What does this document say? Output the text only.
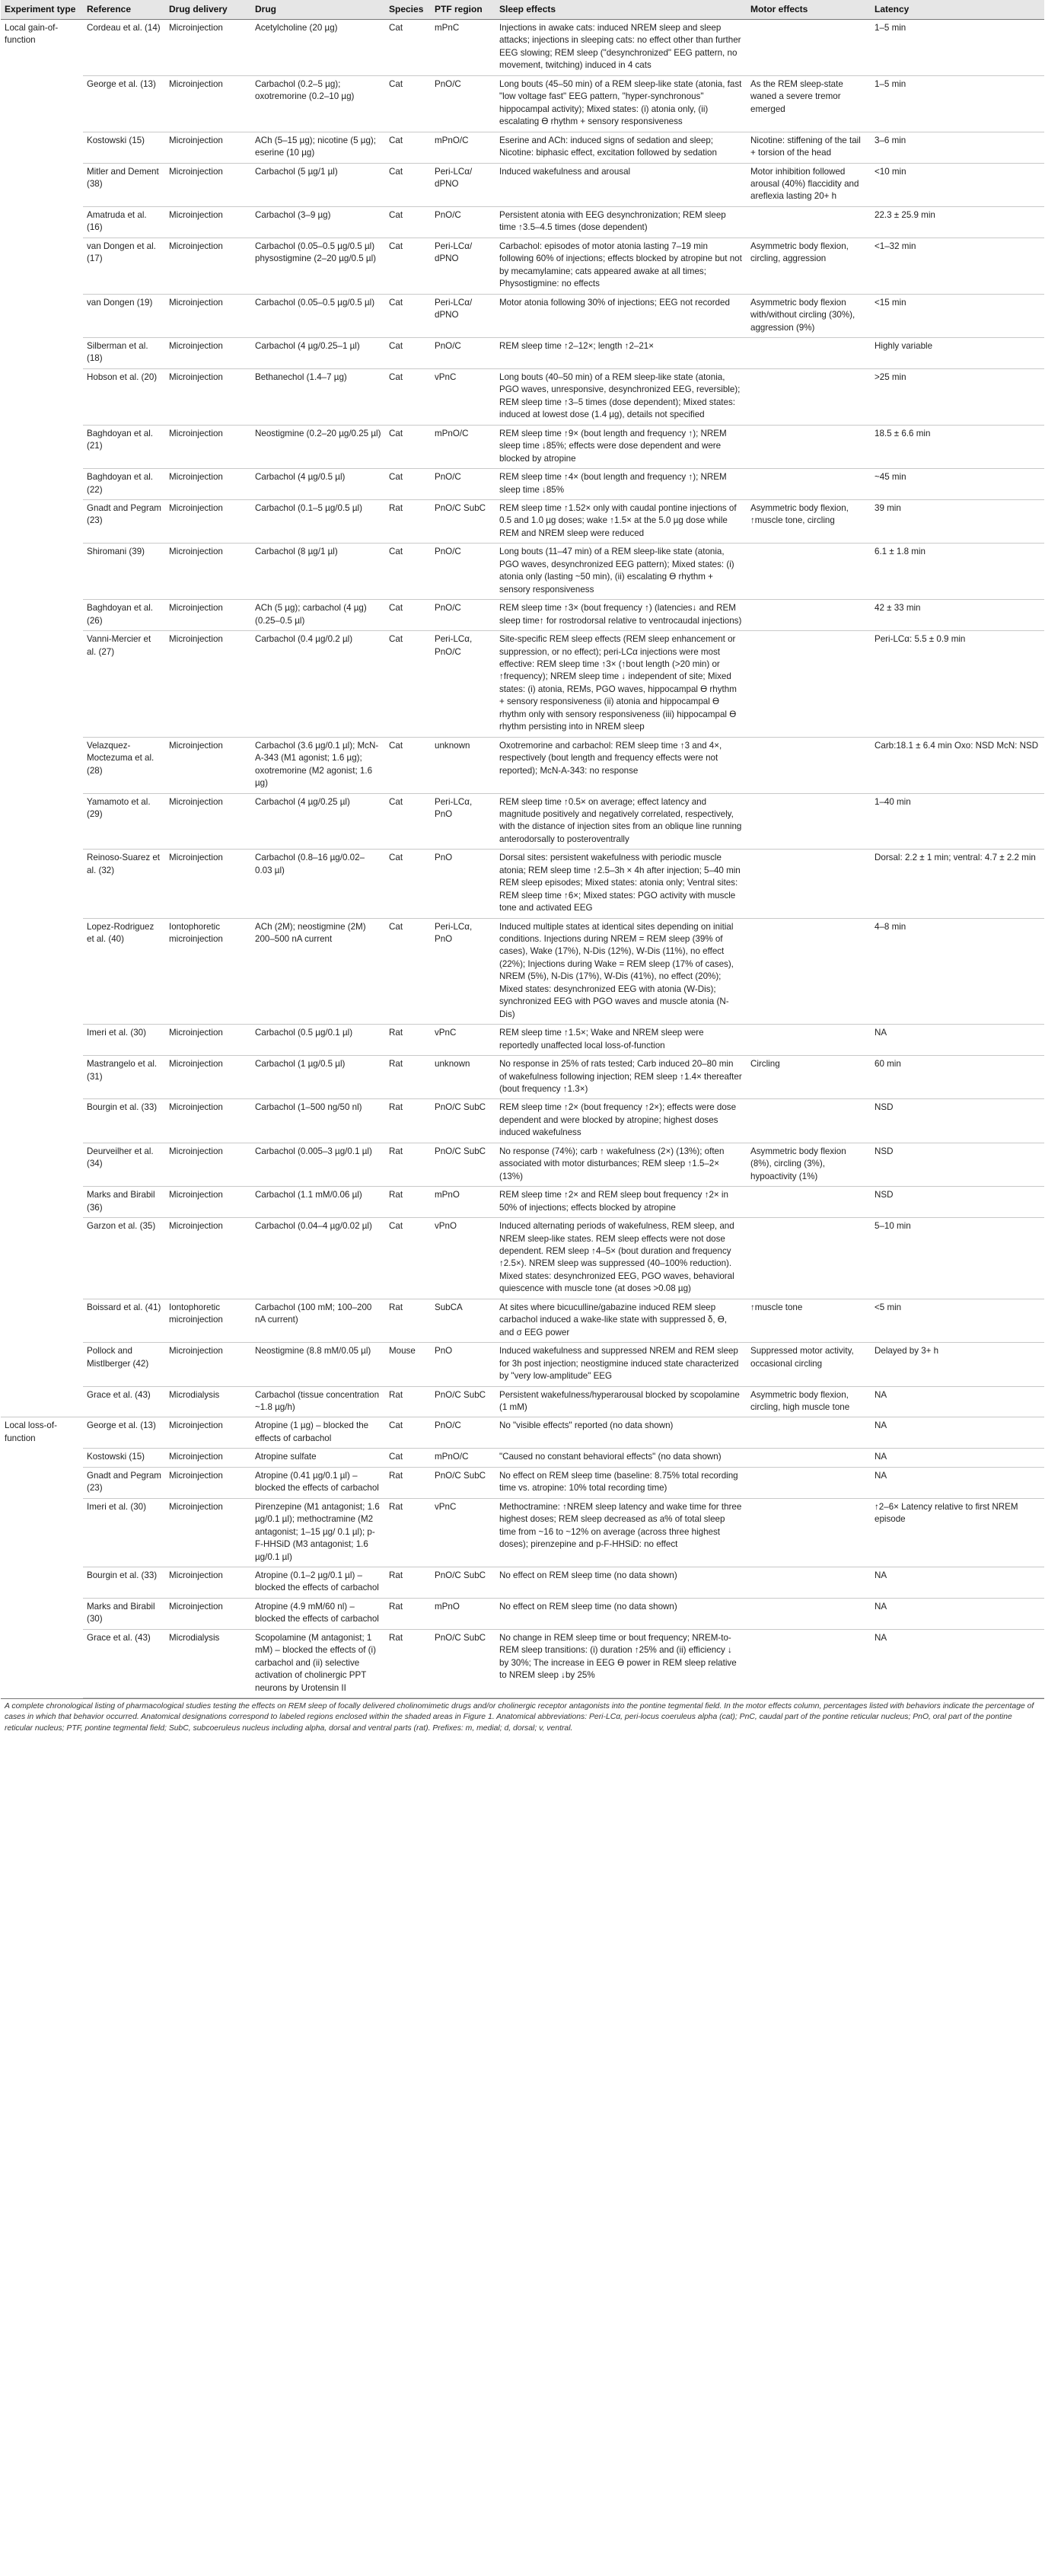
Experiment type	Reference	Drug delivery	Drug	Species	PTF region	Sleep effects	Motor effects	Latency
Local gain-of-function	Cordeau et al. (14)	Microinjection	Acetylcholine (20 µg)	Cat	mPnC	Injections in awake cats: induced NREM sleep and sleep attacks; injections in sleeping cats: no effect other than further EEG slowing; REM sleep ("desynchronized" EEG pattern, no movement, twitching) induced in 4 cats		1–5 min
	George et al. (13)	Microinjection	Carbachol (0.2–5 µg); oxotremorine (0.2–10 µg)	Cat	PnO/C	Long bouts (45–50 min) of a REM sleep-like state (atonia, fast "low voltage fast" EEG pattern, "hyper-synchronous" hippocampal activity); Mixed states: (i) atonia only, (ii) escalating ϴ rhythm + sensory responsiveness	As the REM sleep-state waned a severe tremor emerged	1–5 min
	Kostowski (15)	Microinjection	ACh (5–15 µg); nicotine (5 µg); eserine (10 µg)	Cat	mPnO/C	Eserine and ACh: induced signs of sedation and sleep; Nicotine: biphasic effect, excitation followed by sedation	Nicotine: stiffening of the tail + torsion of the head	3–6 min
	Mitler and Dement (38)	Microinjection	Carbachol (5 µg/1 µl)	Cat	Peri-LCα/ dPNO	Induced wakefulness and arousal	Motor inhibition followed arousal (40%) flaccidity and areflexia lasting 20+ h	<10 min
	Amatruda et al. (16)	Microinjection	Carbachol (3–9 µg)	Cat	PnO/C	Persistent atonia with EEG desynchronization; REM sleep time ↑3.5–4.5 times (dose dependent)		22.3 ± 25.9 min
	van Dongen et al. (17)	Microinjection	Carbachol (0.05–0.5 µg/0.5 µl) physostigmine (2–20 µg/0.5 µl)	Cat	Peri-LCα/ dPNO	Carbachol: episodes of motor atonia lasting 7–19 min following 60% of injections; effects blocked by atropine but not by mecamylamine; cats appeared awake at all times; Physostigmine: no effects	Asymmetric body flexion, circling, aggression	<1–32 min
	van Dongen (19)	Microinjection	Carbachol (0.05–0.5 µg/0.5 µl)	Cat	Peri-LCα/ dPNO	Motor atonia following 30% of injections; EEG not recorded	Asymmetric body flexion with/without circling (30%), aggression (9%)	<15 min
	Silberman et al. (18)	Microinjection	Carbachol (4 µg/0.25–1 µl)	Cat	PnO/C	REM sleep time ↑2–12×; length ↑2–21×		Highly variable
	Hobson et al. (20)	Microinjection	Bethanechol (1.4–7 µg)	Cat	vPnC	Long bouts (40–50 min) of a REM sleep-like state (atonia, PGO waves, unresponsive, desynchronized EEG, reversible); REM sleep time ↑3–5 times (dose dependent); Mixed states: induced at lowest dose (1.4 µg), details not specified		>25 min
	Baghdoyan et al. (21)	Microinjection	Neostigmine (0.2–20 µg/0.25 µl)	Cat	mPnO/C	REM sleep time ↑9× (bout length and frequency ↑); NREM sleep time ↓85%; effects were dose dependent and were blocked by atropine		18.5 ± 6.6 min
	Baghdoyan et al. (22)	Microinjection	Carbachol (4 µg/0.5 µl)	Cat	PnO/C	REM sleep time ↑4× (bout length and frequency ↑); NREM sleep time ↓85%		~45 min
	Gnadt and Pegram (23)	Microinjection	Carbachol (0.1–5 µg/0.5 µl)	Rat	PnO/C SubC	REM sleep time ↑1.52× only with caudal pontine injections of 0.5 and 1.0 µg doses; wake ↑1.5× at the 5.0 µg dose while REM and NREM sleep were reduced	Asymmetric body flexion, ↑muscle tone, circling	39 min
	Shiromani (39)	Microinjection	Carbachol (8 µg/1 µl)	Cat	PnO/C	Long bouts (11–47 min) of a REM sleep-like state (atonia, PGO waves, desynchronized EEG pattern); Mixed states: (i) atonia only (lasting ~50 min), (ii) escalating ϴ rhythm + sensory responsiveness		6.1 ± 1.8 min
	Baghdoyan et al. (26)	Microinjection	ACh (5 µg); carbachol (4 µg) (0.25–0.5 µl)	Cat	PnO/C	REM sleep time ↑3× (bout frequency ↑) (latencies↓ and REM sleep time↑ for rostrodorsal relative to ventrocaudal injections)		42 ± 33 min
	Vanni-Mercier et al. (27)	Microinjection	Carbachol (0.4 µg/0.2 µl)	Cat	Peri-LCα, PnO/C	Site-specific REM sleep effects (REM sleep enhancement or suppression, or no effect); peri-LCα injections were most effective: REM sleep time ↑3× (↑bout length (>20 min) or ↑frequency); NREM sleep time ↓ independent of site; Mixed states: (i) atonia, REMs, PGO waves, hippocampal ϴ rhythm + sensory responsiveness (ii) atonia and hippocampal ϴ rhythm only with sensory responsiveness (iii) hippocampal ϴ rhythm persisting into in NREM sleep		Peri-LCα: 5.5 ± 0.9 min
	Velazquez-Moctezuma et al. (28)	Microinjection	Carbachol (3.6 µg/0.1 µl); McN-A-343 (M1 agonist; 1.6 µg); oxotremorine (M2 agonist; 1.6 µg)	Cat	unknown	Oxotremorine and carbachol: REM sleep time ↑3 and 4×, respectively (bout length and frequency effects were not reported); McN-A-343: no response		Carb:18.1 ± 6.4 min Oxo: NSD McN: NSD
	Yamamoto et al. (29)	Microinjection	Carbachol (4 µg/0.25 µl)	Cat	Peri-LCα, PnO	REM sleep time ↑0.5× on average; effect latency and magnitude positively and negatively correlated, respectively, with the distance of injection sites from an oblique line running anterodorsally to posteroventrally		1–40 min
	Reinoso-Suarez et al. (32)	Microinjection	Carbachol (0.8–16 µg/0.02–0.03 µl)	Cat	PnO	Dorsal sites: persistent wakefulness with periodic muscle atonia; REM sleep time ↑2.5–3h × 4h after injection; 5–40 min REM sleep episodes; Mixed states: atonia only; Ventral sites: REM sleep time ↑6×; Mixed states: PGO activity with muscle tone and activated EEG		Dorsal: 2.2 ± 1 min; ventral: 4.7 ± 2.2 min
	Lopez-Rodriguez et al. (40)	Iontophoretic microinjection	ACh (2M); neostigmine (2M) 200–500 nA current	Cat	Peri-LCα, PnO	Induced multiple states at identical sites depending on initial conditions. Injections during NREM = REM sleep (39% of cases), Wake (17%), N-Dis (12%), W-Dis (11%), no effect (22%); Injections during Wake = REM sleep (17% of cases), NREM (5%), N-Dis (17%), W-Dis (41%), no effect (20%); Mixed states: desynchronized EEG with atonia (W-Dis); synchronized EEG with PGO waves and muscle atonia (N-Dis)		4–8 min
	Imeri et al. (30)	Microinjection	Carbachol (0.5 µg/0.1 µl)	Rat	vPnC	REM sleep time ↑1.5×; Wake and NREM sleep were reportedly unaffected local loss-of-function		NA
	Mastrangelo et al. (31)	Microinjection	Carbachol (1 µg/0.5 µl)	Rat	unknown	No response in 25% of rats tested; Carb induced 20–80 min of wakefulness following injection; REM sleep ↑1.4× thereafter (bout frequency ↑1.3×)	Circling	60 min
	Bourgin et al. (33)	Microinjection	Carbachol (1–500 ng/50 nl)	Rat	PnO/C SubC	REM sleep time ↑2× (bout frequency ↑2×); effects were dose dependent and were blocked by atropine; highest doses induced wakefulness		NSD
	Deurveilher et al. (34)	Microinjection	Carbachol (0.005–3 µg/0.1 µl)	Rat	PnO/C SubC	No response (74%); carb ↑ wakefulness (2×) (13%); often associated with motor disturbances; REM sleep ↑1.5–2× (13%)	Asymmetric body flexion (8%), circling (3%), hypoactivity (1%)	NSD
	Marks and Birabil (36)	Microinjection	Carbachol (1.1 mM/0.06 µl)	Rat	mPnO	REM sleep time ↑2× and REM sleep bout frequency ↑2× in 50% of injections; effects blocked by atropine		NSD
	Garzon et al. (35)	Microinjection	Carbachol (0.04–4 µg/0.02 µl)	Cat	vPnO	Induced alternating periods of wakefulness, REM sleep, and NREM sleep-like states. REM sleep effects were not dose dependent. REM sleep ↑4–5× (bout duration and frequency ↑2.5×). NREM sleep was suppressed (40–100% reduction). Mixed states: desynchronized EEG, PGO waves, behavioral quiescence with muscle tone (at doses >0.08 µg)		5–10 min
	Boissard et al. (41)	Iontophoretic microinjection	Carbachol (100 mM; 100–200 nA current)	Rat	SubCA	At sites where bicuculline/gabazine induced REM sleep carbachol induced a wake-like state with suppressed δ, ϴ, and σ EEG power	↑muscle tone	<5 min
	Pollock and Mistlberger (42)	Microinjection	Neostigmine (8.8 mM/0.05 µl)	Mouse	PnO	Induced wakefulness and suppressed NREM and REM sleep for 3h post injection; neostigmine induced state characterized by "very low-amplitude" EEG	Suppressed motor activity, occasional circling	Delayed by 3+ h
	Grace et al. (43)	Microdialysis	Carbachol (tissue concentration ~1.8 µg/h)	Rat	PnO/C SubC	Persistent wakefulness/hyperarousal blocked by scopolamine (1 mM)	Asymmetric body flexion, circling, high muscle tone	NA
Local loss-of-function	George et al. (13)	Microinjection	Atropine (1 µg) – blocked the effects of carbachol	Cat	PnO/C	No "visible effects" reported (no data shown)		NA
	Kostowski (15)	Microinjection	Atropine sulfate	Cat	mPnO/C	"Caused no constant behavioral effects" (no data shown)		NA
	Gnadt and Pegram (23)	Microinjection	Atropine (0.41 µg/0.1 µl) – blocked the effects of carbachol	Rat	PnO/C SubC	No effect on REM sleep time (baseline: 8.75% total recording time vs. atropine: 10% total recording time)		NA
	Imeri et al. (30)	Microinjection	Pirenzepine (M1 antagonist; 1.6 µg/0.1 µl); methoctramine (M2 antagonist; 1–15 µg/ 0.1 µl); p-F-HHSiD (M3 antagonist; 1.6 µg/0.1 µl)	Rat	vPnC	Methoctramine: ↑NREM sleep latency and wake time for three highest doses; REM sleep decreased as a% of total sleep time from ~16 to ~12% on average (across three highest doses); pirenzepine and p-F-HHSiD: no effect		↑2–6× Latency relative to first NREM episode
	Bourgin et al. (33)	Microinjection	Atropine (0.1–2 µg/0.1 µl) – blocked the effects of carbachol	Rat	PnO/C SubC	No effect on REM sleep time (no data shown)		NA
	Marks and Birabil (30)	Microinjection	Atropine (4.9 mM/60 nl) – blocked the effects of carbachol	Rat	mPnO	No effect on REM sleep time (no data shown)		NA
	Grace et al. (43)	Microdialysis	Scopolamine (M antagonist; 1 mM) – blocked the effects of (i) carbachol and (ii) selective activation of cholinergic PPT neurons by Urotensin II	Rat	PnO/C SubC	No change in REM sleep time or bout frequency; NREM-to-REM sleep transitions: (i) duration ↑25% and (ii) efficiency ↓ by 30%; The increase in EEG ϴ power in REM sleep relative to NREM sleep ↓by 25%		NA

A complete chronological listing of pharmacological studies testing the effects on REM sleep of focally delivered cholinomimetic drugs and/or cholinergic receptor antagonists into the pontine tegmental field. In the motor effects column, percentages listed with behaviors indicate the percentage of cases in which that behavior occurred. Anatomical designations correspond to labeled regions enclosed within the shaded areas in Figure 1. Anatomical abbreviations: Peri-LCα, peri-locus coeruleus alpha (cat); PnC, caudal part of the pontine reticular nucleus; PnO, oral part of the pontine reticular nucleus; PTF, pontine tegmental field; SubC, subcoeruleus nucleus including alpha, dorsal and ventral parts (rat). Prefixes: m, medial; d, dorsal; v, ventral.
